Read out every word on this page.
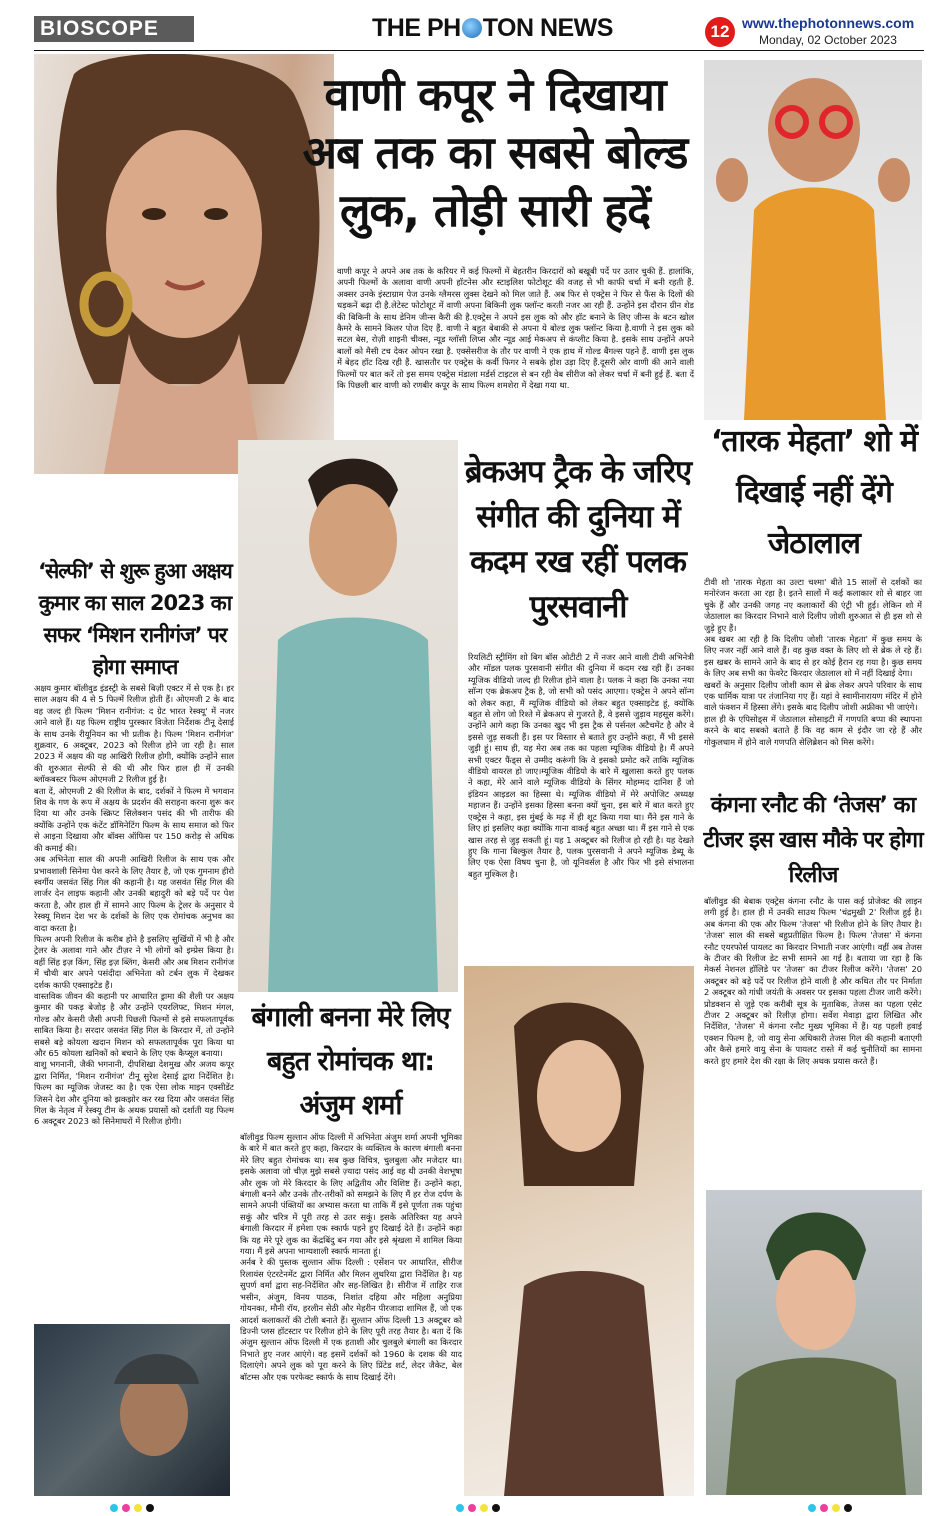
BIOSCOPE	THE PH TON NEWS	12 www.thephotonnews.com
Monday, 02 October 2023
वाणी कपूर ने दिखाया अब तक का सबसे बोल्ड लुक, तोड़ी सारी हदें
वाणी कपूर ने अपने अब तक के करियर में कई फिल्मों में बेहतरीन किरदारों को बखूबी पर्दे पर उतार चुकी हैं. हालांकि, अपनी फिल्मों के अलावा वाणी अपनी हॉटनेस और स्टाइलिश फोटोशूट की वजह से भी काफी चर्चा में बनी रहती हैं. अक्सर उनके इंस्टाग्राम पेज उनके ग्लैमरस लुक्स देखने को मिल जाते हैं. अब फिर से एक्ट्रेस ने फिर से फैंस के दिलों की धड़कनें बढ़ा दी है.लेटेस्ट फोटोशूट में वाणी अपना बिकिनी लुक फ्लॉन्ट करती नजर आ रही हैं. उन्होंने इस दौरान ग्रीन शेड की बिकिनी के साथ डेनिम जीन्स कैरी की है.एक्ट्रेस ने अपने इस लुक को और हॉट बनाने के लिए जीन्स के बटन खोल कैमरे के सामने किलर पोज दिए हैं. वाणी ने बहुत बेबाकी से अपना ये बोल्ड लुक फ्लॉन्ट किया है.वाणी ने इस लुक को सटल बेस, रोज़ी शाइनी चीक्स, न्यूड ग्लॉसी लिप्स और न्यूड आई मेकअप से कंप्लीट किया है. इसके साथ उन्होंने अपने बालों को मैसी टच देकर ओपन रखा है. एक्सेसरीज के तौर पर वाणी ने एक हाथ में गोल्ड बैंगल्स पहने हैं. वाणी इस लुक में बेहद हॉट दिख रही हैं. खासतौर पर एक्ट्रेस के कर्वी फिगर ने सबके होश उड़ा दिए हैं.दूसरी ओर वाणी की आने वाली फिल्मों पर बात करें तो इस समय एक्ट्रेस मंडाला मर्डर्स टाइटल से बन रही वेब सीरीज को लेकर चर्चा में बनी हुई हैं. बता दें कि पिछली बार वाणी को रणबीर कपूर के साथ फिल्म शमशेरा में देखा गया था.
‘तारक मेहता’ शो में दिखाई नहीं देंगे जेठालाल
टीवी शो 'तारक मेहता का उल्टा चश्मा' बीते 15 सालों से दर्शकों का मनोरंजन करता आ रहा है। इतने सालों में कई कलाकार शो से बाहर जा चुके हैं और उनकी जगह नए कलाकारों की एंट्री भी हुई। लेकिन शो में जेठालाल का किरदार निभाने वाले दिलीप जोशी शुरुआत से ही इस शो से जुड़े हुए हैं।
अब खबर आ रही है कि दिलीप जोशी 'तारक मेहता' में कुछ समय के लिए नजर नहीं आने वाले हैं। वह कुछ वक्त के लिए शो से ब्रेक ले रहे हैं। इस खबर के सामने आने के बाद से हर कोई हैरान रह गया है। कुछ समय के लिए अब सभी का फेवरेट किरदार जेठालाल शो में नहीं दिखाई देगा।
खबरों के अनुसार दिलीप जोशी काम से ब्रेक लेकर अपने परिवार के साथ एक धार्मिक यात्रा पर तंजानिया गए हैं। यहां वे स्वामीनारायण मंदिर में होने वाले फंक्शन में हिस्सा लेंगे। इसके बाद दिलीप जोशी अफ्रीका भी जाएंगे।
हाल ही के एपिसोड्स में जेठालाल सोसाइटी में गणपति बप्पा की स्थापना करने के बाद सबको बताते हैं कि वह काम से इंदौर जा रहे हैं और गोकुलधाम में होने वाले गणपति सेलिब्रेशन को मिस करेंगे।
कंगना रनौट की ‘तेजस’ का टीजर इस खास मौके पर होगा रिलीज
बॉलीवुड की बेबाक एक्ट्रेस कंगना रनौट के पास कई प्रोजेक्ट की लाइन लगी हुई है। हाल ही में उनकी साउथ फिल्म 'चंद्रमुखी 2' रिलीज हुई है। अब कंगना की एक और फिल्म 'तेजस' भी रिलीज होने के लिए तैयार है। 'तेजस' साल की सबसे बहुप्रतीक्षित फिल्म है। फिल्म 'तेजस' में कंगना रनौट एयरफोर्स पायलट का किरदार निभाती नजर आएंगी। वहीं अब तेजस के टीजर की रिलीज डेट सभी सामने आ गई है। बताया जा रहा है कि मेकर्स नेशनल हॉलिडे पर 'तेजस' का टीजर रिलीज करेंगे। 'तेजस' 20 अक्टूबर को बड़े पर्दे पर रिलीज होने वाली है और कथित तौर पर निर्माता 2 अक्टूबर को गांधी जयंती के अवसर पर इसका पहला टीजर जारी करेंगे।
प्रोडक्शन से जुड़े एक करीबी सूत्र के मुताबिक, तेजस का पहला एसेट टीजर 2 अक्टूबर को रिलीज़ होगा। सर्वेश मेवाड़ा द्वारा लिखित और निर्देशित, 'तेजस' में कंगना रनौट मुख्य भूमिका में हैं। यह पहली हवाई एक्शन फिल्म है, जो वायु सेना अधिकारी तेजस गिल की कहानी बताएगी और कैसे हमारे वायु सेना के पायलट रास्ते में कई चुनौतियों का सामना करते हुए हमारे देश की रक्षा के लिए अथक प्रयास करते हैं।
ब्रेकअप ट्रैक के जरिए संगीत की दुनिया में कदम रख रहीं पलक पुरसवानी
रियलिटी स्ट्रीमिंग शो बिग बॉस ओटीटी 2 में नजर आने वाली टीवी अभिनेत्री और मॉडल पलक पुरसवानी संगीत की दुनिया में कदम रख रही हैं। उनका म्यूजिक वीडियो जल्द ही रिलीज होने वाला है। पलक ने कहा कि उनका नया सॉन्ग एक ब्रेकअप ट्रैक है, जो सभी को पसंद आएगा। एक्ट्रेस ने अपने सॉन्ग को लेकर कहा, मैं म्यूजिक वीडियो को लेकर बहुत एक्साइटेड हूं, क्योंकि बहुत से लोग जो रिश्ते में ब्रेकअप से गुजरते हैं, वे इससे जुड़ाव महसूस करेंगे। उन्होंने आगे कहा कि उनका खुद भी इस ट्रैक से पर्सनल अटैचमेंट है और वे इससे जुड़ सकती हैं। इस पर विस्तार से बताते हुए उन्होंने कहा, मैं भी इससे जुड़ी हूं। साथ ही, यह मेरा अब तक का पहला म्यूजिक वीडियो है। मैं अपने सभी एक्टर फैंड्स से उम्मीद करूंगी कि वे इसको प्रमोट करें ताकि म्यूजिक वीडियो वायरल हो जाए।म्यूजिक वीडियो के बारे में खुलासा करते हुए पलक ने कहा, मेरे आने वाले म्यूजिक वीडियो के सिंगर मोहम्मद दानिश हैं जो इंडियन आइडल का हिस्सा थे। म्यूजिक वीडियो में मेरे अपोजिट अध्यक्ष महाजन हैं। उन्होंने इसका हिस्सा बनना क्यों चुना, इस बारे में बात करते हुए एक्ट्रेस ने कहा, इस मुंबई के मढ़ में ही शूट किया गया था। मैंने इस गाने के लिए हां इसलिए कहा क्योंकि गाना वाकई बहुत अच्छा था। मैं इस गाने से एक खास तरह से जुड़ सकती हूं। यह 1 अक्टूबर को रिलीज हो रही है। यह देखते हुए कि गाना बिल्कुल तैयार है, पलक पुरसवानी ने अपने म्यूजिक डेब्यू के लिए एक ऐसा विषय चुना है, जो यूनिवर्सल है और फिर भी इसे संभालना बहुत मुश्किल है।
‘सेल्फी’ से शुरू हुआ अक्षय कुमार का साल 2023 का सफर ‘मिशन रानीगंज’ पर होगा समाप्त
अक्षय कुमार बॉलीवुड इंडस्ट्री के सबसे बिज़ी एक्टर में से एक है। हर साल अक्षय की 4 से 5 फिल्में रिलीज होती हैं। ओएमजी 2 के बाद वह जल्द ही फिल्म 'मिशन रानीगंज: द ग्रेट भारत रेस्क्यू' में नजर आने वाले हैं। यह फिल्म राष्ट्रीय पुरस्कार विजेता निर्देशक टीनू देसाई के साथ उनके रीयूनियन का भी प्रतीक है। फिल्म 'मिशन रानीगंज' शुक्रवार, 6 अक्टूबर, 2023 को रिलीज होने जा रही है। साल 2023 में अक्षय की यह आखिरी रिलीज होगी, क्योंकि उन्होंने साल की शुरुआत सेल्फी से की थी और फिर हाल ही में उनकी ब्लॉकबस्टर फिल्म ओएमजी 2 रिलीज हुई है।
बता दें, ओएमजी 2 की रिलीज के बाद, दर्शकों ने फिल्म में भगवान शिव के गण के रूप में अक्षय के प्रदर्शन की सराहना करना शुरू कर दिया था और उनके स्क्रिप्ट सिलेक्शन पसंद की भी तारीफ की क्योंकि उन्होंने एक कंटेंट डॉमिनेटिंग फिल्म के साथ समाज को फिर से आइना दिखाया और बॉक्स ऑफिस पर 150 करोड़ से अधिक की कमाई की।
अब अभिनेता साल की अपनी आखिरी रिलीज के साथ एक और प्रभावशाली सिनेमा पेश करने के लिए तैयार है, जो एक गुमनाम हीरो स्वर्गीय जसवंत सिंह गिल की कहानी है। यह जसवंत सिंह गिल की लार्जर देन लाइफ कहानी और उनकी बहादुरी को बड़े पर्दे पर पेश करता है, और हाल ही में सामने आए फिल्म के ट्रेलर के अनुसार ये रेस्क्यू मिशन देश भर के दर्शकों के लिए एक रोमांचक अनुभव का वादा करता है।
फिल्म अपनी रिलीज के करीब होने है इसलिए सुर्खियों में भी है और ट्रेलर के अलावा गाने और टीज़र ने भी लोगों को इम्प्रेस किया है। वहीं सिंह इज़ किंग, सिंह इज़ ब्लिंग, केसरी और अब मिशन रानीगंज में चौथी बार अपने पसंदीदा अभिनेता को टर्बन लुक में देखकर दर्शक काफी एक्साइटेड हैं।
वास्तविक जीवन की कहानी पर आधारित ड्रामा की शैली पर अक्षय कुमार की पकड़ बेजोड़ है और उन्होंने एयरलिफ्ट, मिशन मंगल, गोल्ड और केसरी जैसी अपनी पिछली फिल्मों से इसे सफलतापूर्वक साबित किया है। सरदार जसवंत सिंह गिल के किरदार में, तो उन्होंने सबसे बड़े कोयला खदान मिशन को सफलतापूर्वक पूरा किया था और 65 कोयला खनिकों को बचाने के लिए एक कैप्सूल बनाया।
वाशु भगनानी, जैकी भगनानी, दीपशिखा देशमुख और अजय कपूर द्वारा निर्मित, 'मिशन रानीगंज' टीनू सुरेश देसाई द्वारा निर्देशित है। फिल्म का म्यूजिक जेजस्ट का है। एक ऐसा लोक माइन एक्सीडेंट जिसने देश और दुनिया को झकझोर कर रख दिया और जसवंत सिंह गिल के नेतृत्व में रेस्क्यू टीम के अथक प्रयासों को दर्शाती यह फिल्म 6 अक्टूबर 2023 को सिनेमाघरों में रिलीज होगी।
बंगाली बनना मेरे लिए बहुत रोमांचक था: अंजुम शर्मा
बॉलीवुड फिल्म सुल्तान ऑफ दिल्ली में अभिनेता अंजुम शर्मा अपनी भूमिका के बारे में बात करते हुए कहा, किरदार के व्यक्तित्व के कारण बंगाली बनना मेरे लिए बहुत रोमांचक था। सब कुछ विचित्र, चुलबुला और मजेदार था। इसके अलावा जो चीज़ मुझे सबसे ज़्यादा पसंद आई वह थी उनकी वेशभूषा और लुक जो मेरे किरदार के लिए अद्वितीय और विशिष्ट हैं। उन्होंने कहा, बंगाली बनने और उनके तौर-तरीकों को समझने के लिए मैं हर रोज दर्पण के सामने अपनी पंक्तियों का अभ्यास करता था ताकि मैं इसे पूर्णता तक पहुंचा सकूं और चरित्र में पूरी तरह से उतर सकूं। इसके अतिरिक्त यह अपने बंगाली किरदार में हमेशा एक स्कार्फ पहने हुए दिखाई देते हैं। उन्होंने कहा कि यह मेरे पूरे लुक का केंद्रबिंदु बन गया और इसे श्रृंखला में शामिल किया गया। मैं इसे अपना भाग्यशाली स्कार्फ मानता हूं।
अर्नब रे की पुस्तक सुल्तान ऑफ दिल्ली : एसेंशन पर आधारित, सीरीज रिलायंस एंटरटेनमेंट द्वारा निर्मित और मिलन लुथरिया द्वारा निर्देशित है। यह सुपर्ण वर्मा द्वारा सह-निर्देशित और सह-लिखित है। सीरीज में ताहिर राज भसीन, अंजुम, विनय पाठक, निशांत दहिया और महिला अनुप्रिया गोयनका, मौनी रॉय, हरलीन सेठी और मेहरीन पीरजादा शामिल हैं, जो एक आदर्श कलाकारों की टोली बनाते हैं। सुल्तान ऑफ दिल्ली 13 अक्टूबर को डिज्नी प्लस हॉटस्टार पर रिलीज होने के लिए पूरी तरह तैयार है। बता दें कि अंजुम सुल्तान ऑफ दिल्ली में एक हताशी और चुलबुले बंगाली का किरदार निभाते हुए नजर आएंगे। वह इसमें दर्शकों को 1960 के दशक की याद दिलाएंगे। अपने लुक को पूरा करने के लिए प्रिंटेड शर्ट, लेदर जैकेट, बेल बॉटम्स और एक परफेक्ट स्कार्फ के साथ दिखाई देंगे।
